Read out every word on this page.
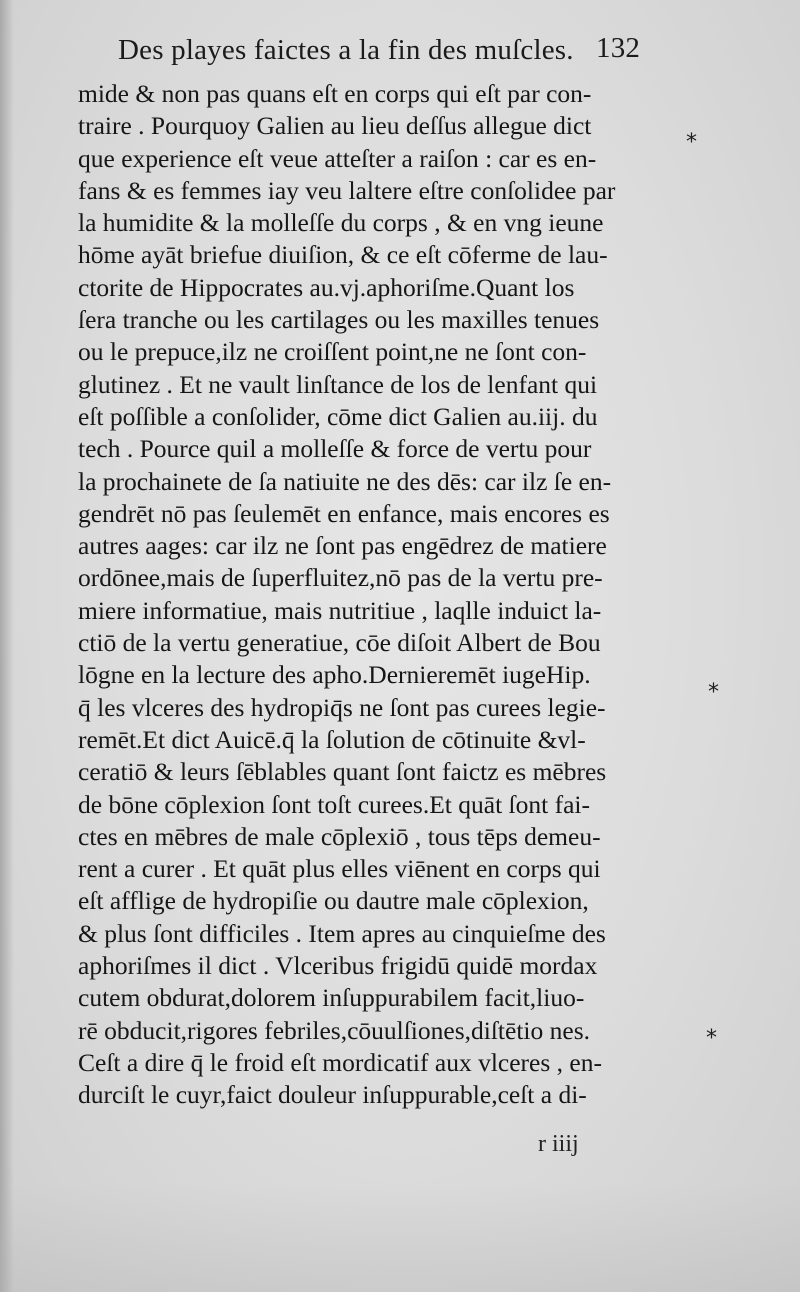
Des playes faictes a la fin des muſcles. 132
mide & non pas quans eſt en corps qui eſt par con-
traire . Pourquoy Galien au lieu deſſus allegue dict
que experience eſt veue atteſter a raiſon : car es en-
fans & es femmes iay veu laltere eſtre conſolidee par
la humidite & la molleſſe du corps , & en vng ieune
hōme ayāt briefue diuiſion, & ce eſt cōferme de lau-
ctorite de Hippocrates au.vj.aphoriſme.Quant los
ſera tranche ou les cartilages ou les maxilles tenues
ou le prepuce,ilz ne croiſſent point,ne ne ſont con-
glutinez . Et ne vault linſtance de los de lenfant qui
eſt poſſible a conſolider, cōme dict Galien au.iij. du
tech . Pource quil a molleſſe & force de vertu pour
la prochainete de ſa natiuite ne des dēs: car ilz ſe en-
gendrēt nō pas ſeulemēt en enfance, mais encores es
autres aages: car ilz ne ſont pas engēdrez de matiere
ordōnee,mais de ſuperfluitez,nō pas de la vertu pre-
miere informatiue, mais nutritiue , laqlle induict la-
ctiō de la vertu generatiue, cōe diſoit Albert de Bou
lōgne en la lecture des apho.Dernieremēt iugeHip.
q̄ les vlceres des hydropiq̄s ne ſont pas curees legie-
remēt.Et dict Auicē.q̄ la ſolution de cōtinuite &vl-
ceratiō & leurs ſēblables quant ſont faictz es mēbres
de bōne cōplexion ſont toſt curees.Et quāt ſont fai-
ctes en mēbres de male cōplexiō , tous tēps demeu-
rent a curer . Et quāt plus elles viēnent en corps qui
eſt afflige de hydropiſie ou dautre male cōplexion,
& plus ſont difficiles . Item apres au cinquieſme des
aphoriſmes il dict . Vlceribus frigidū quidē mordax
cutem obdurat,dolorem inſuppurabilem facit,liuo-
rē obducit,rigores febriles,cōuulſiones,diſtētio nes.
Ceſt a dire q̄ le froid eſt mordicatif aux vlceres , en-
durciſt le cuyr,faict douleur inſuppurable,ceſt a di-
r iiij
*
*
*
